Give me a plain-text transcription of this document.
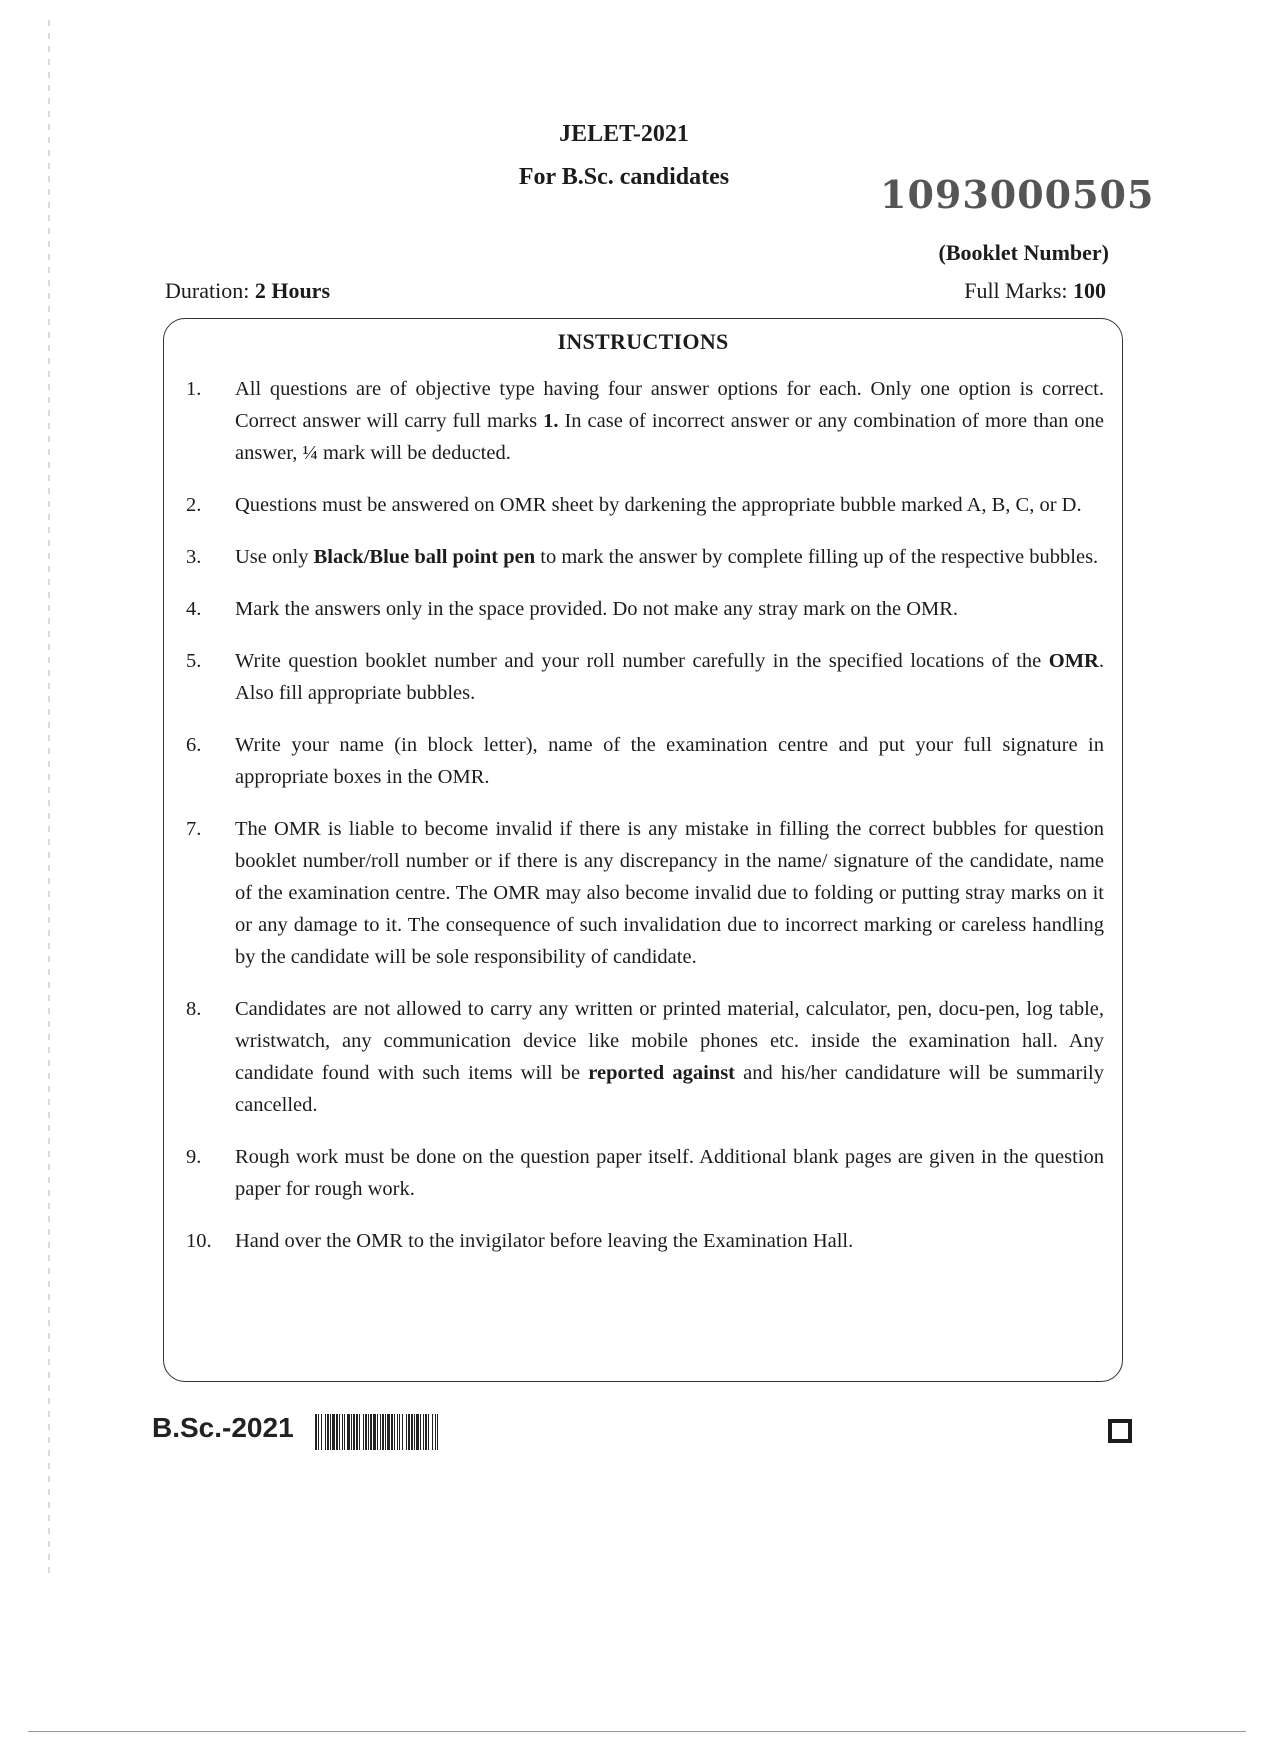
JELET-2021
For B.Sc. candidates	1093000505
(Booklet Number)
Duration: 2 Hours	Full Marks: 100
INSTRUCTIONS
1.	All questions are of objective type having four answer options for each. Only one option is correct. Correct answer will carry full marks 1. In case of incorrect answer or any combination of more than one answer, ¼ mark will be deducted.
2.	Questions must be answered on OMR sheet by darkening the appropriate bubble marked A, B, C, or D.
3.	Use only Black/Blue ball point pen to mark the answer by complete filling up of the respective bubbles.
4.	Mark the answers only in the space provided. Do not make any stray mark on the OMR.
5.	Write question booklet number and your roll number carefully in the specified locations of the OMR. Also fill appropriate bubbles.
6.	Write your name (in block letter), name of the examination centre and put your full signature in appropriate boxes in the OMR.
7.	The OMR is liable to become invalid if there is any mistake in filling the correct bubbles for question booklet number/roll number or if there is any discrepancy in the name/ signature of the candidate, name of the examination centre. The OMR may also become invalid due to folding or putting stray marks on it or any damage to it. The consequence of such invalidation due to incorrect marking or careless handling by the candidate will be sole responsibility of candidate.
8.	Candidates are not allowed to carry any written or printed material, calculator, pen, docu-pen, log table, wristwatch, any communication device like mobile phones etc. inside the examination hall. Any candidate found with such items will be reported against and his/her candidature will be summarily cancelled.
9.	Rough work must be done on the question paper itself. Additional blank pages are given in the question paper for rough work.
10. Hand over the OMR to the invigilator before leaving the Examination Hall.
B.Sc.-2021
